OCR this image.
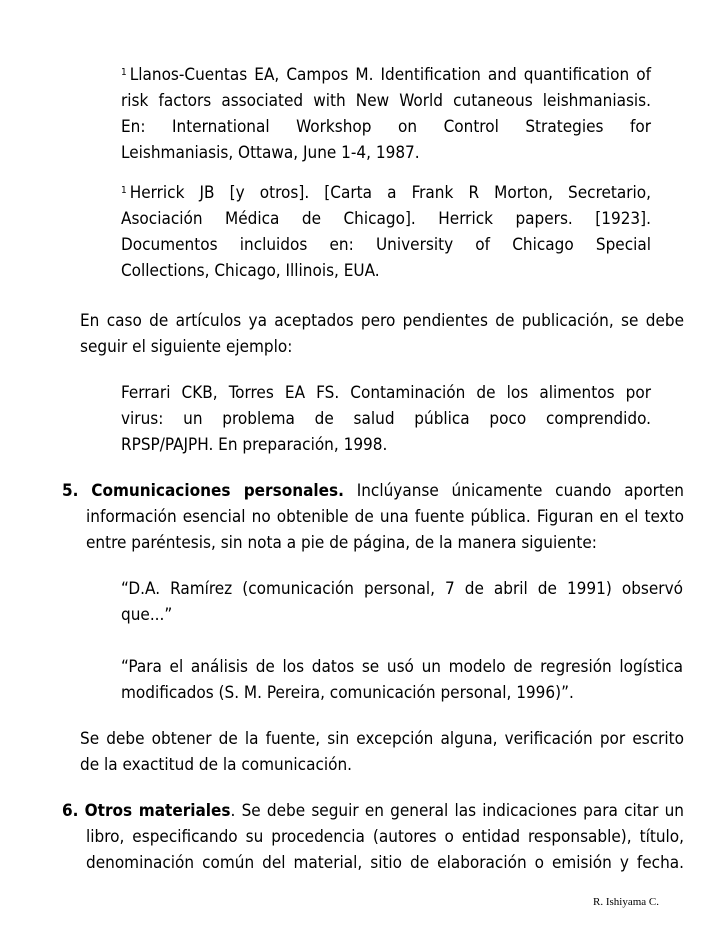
$^1$ Llanos-Cuentas EA, Campos M. Identification and quantification of
risk factors associated with New World cutaneous leishmaniasis.
En: International Workshop on Control Strategies for
Leishmaniasis, Ottawa, June 1-4, 1987.
$^1$ Herrick JB [y otros]. [Carta a Frank R Morton, Secretario,
Asociación Médica de Chicago]. Herrick papers. [1923].
Documentos incluidos en: University of Chicago Special
Collections, Chicago, Illinois, EUA.
En caso de artículos ya aceptados pero pendientes de publicación, se debe
seguir el siguiente ejemplo:
Ferrari CKB, Torres EA FS. Contaminación de los alimentos por
virus: un problema de salud pública poco comprendido.
RPSP/PAJPH. En preparación, 1998.
5. Comunicaciones personales. Inclúyanse únicamente cuando aporten
información esencial no obtenible de una fuente pública. Figuran en el texto
entre paréntesis, sin nota a pie de página, de la manera siguiente:
“D.A. Ramírez (comunicación personal, 7 de abril de 1991) observó
que...”
“Para el análisis de los datos se usó un modelo de regresión logística
modificados (S. M. Pereira, comunicación personal, 1996)”.
Se debe obtener de la fuente, sin excepción alguna, verificación por escrito
de la exactitud de la comunicación.
6. Otros materiales. Se debe seguir en general las indicaciones para citar un
libro, especificando su procedencia (autores o entidad responsable), título,
denominación común del material, sitio de elaboración o emisión y fecha.
R. Ishiyama C.
